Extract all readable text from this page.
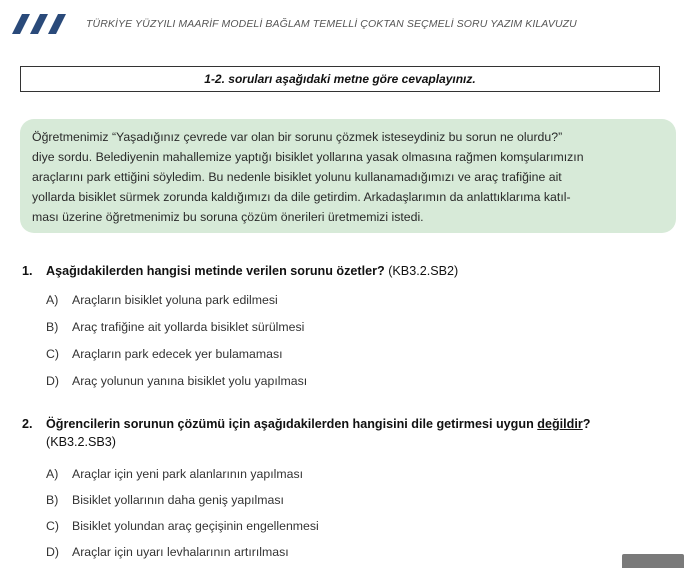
TÜRKİYE YÜZYILI MAARİF MODELİ BAĞLAM TEMELLİ ÇOKTAN SEÇMELİ SORU YAZIM KILAVUZU
1-2. soruları aşağıdaki metne göre cevaplayınız.
Öğretmenimiz “Yaşadığınız çevrede var olan bir sorunu çözmek isteseydiniz bu sorun ne olurdu?”
diye sordu. Belediyenin mahallemize yaptığı bisiklet yollarına yasak olmasına rağmen komşularımızın
araçlarını park ettiğini söyledim. Bu nedenle bisiklet yolunu kullanamadığımızı ve araç trafiğine ait
yollarda bisiklet sürmek zorunda kaldığımızı da dile getirdim. Arkadaşlarımın da anlattıklarıma katıl-
ması üzerine öğretmenimiz bu soruna çözüm önerileri üretmemizi istedi.
1. Aşağıdakilerden hangisi metinde verilen sorunu özetler? (KB3.2.SB2)
A) Araçların bisiklet yoluna park edilmesi
B) Araç trafiğine ait yollarda bisiklet sürülmesi
C) Araçların park edecek yer bulamaması
D) Araç yolunun yanına bisiklet yolu yapılması
2. Öğrencilerin sorunun çözümü için aşağıdakilerden hangisini dile getirmesi uygun değildir?
(KB3.2.SB3)
A) Araçlar için yeni park alanlarının yapılması
B) Bisiklet yollarının daha geniş yapılması
C) Bisiklet yolundan araç geçişinin engellenmesi
D) Araçlar için uyarı levhalarının artırılması
